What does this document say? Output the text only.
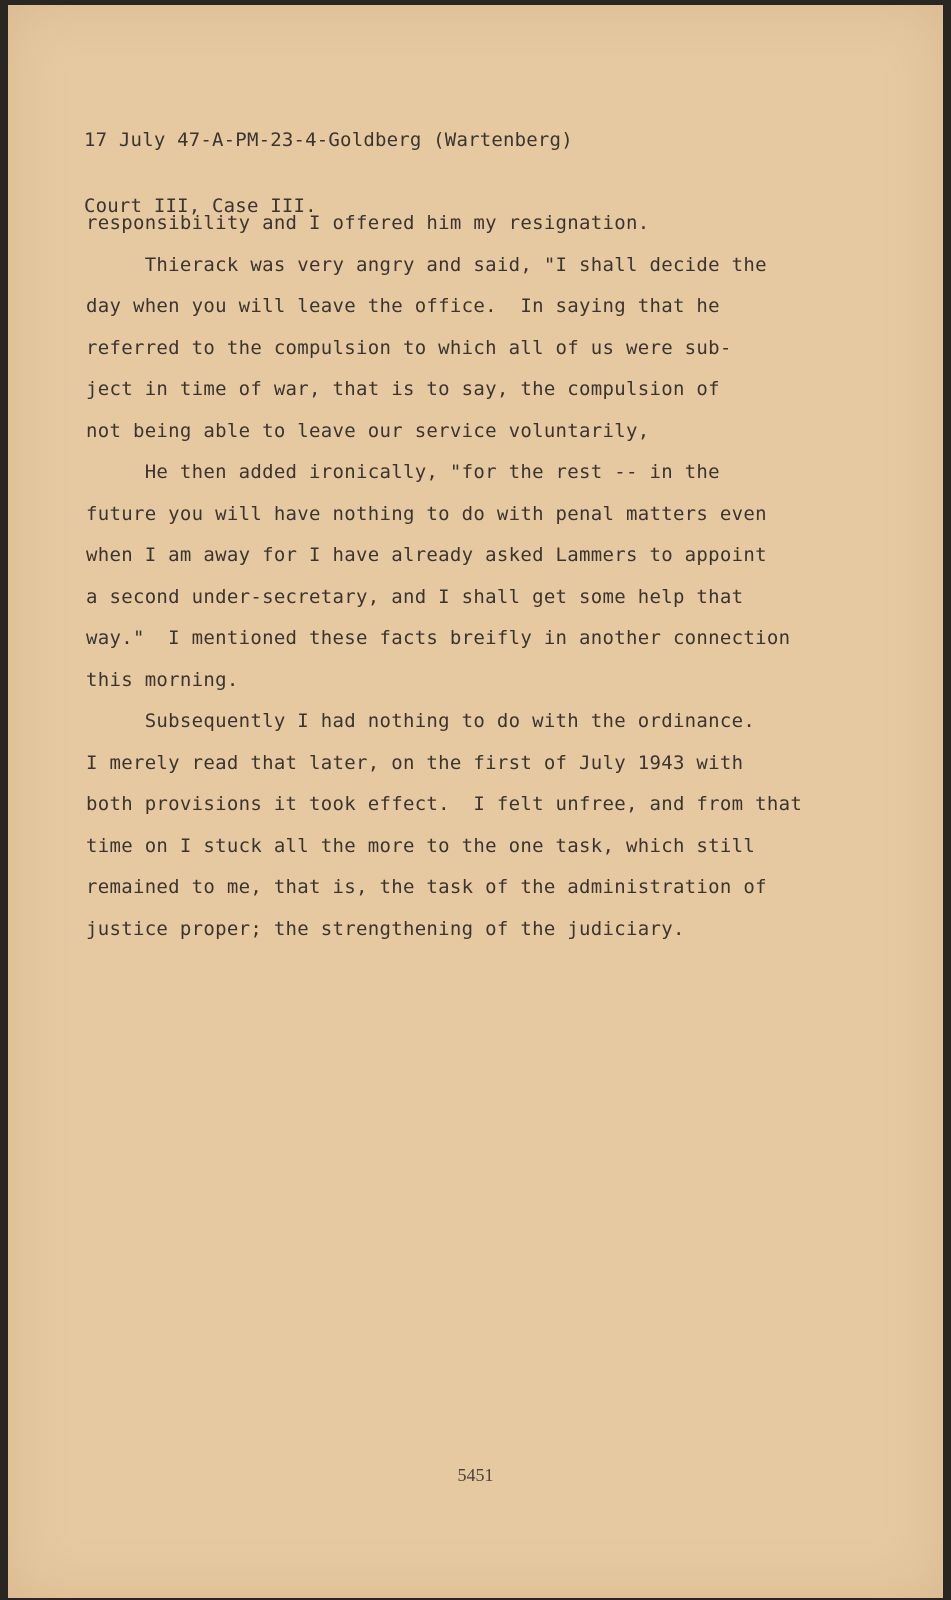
17 July 47-A-PM-23-4-Goldberg (Wartenberg)

Court III, Case III.

responsibility and I offered him my resignation.
Thierack was very angry and said, "I shall decide the
day when you will leave the office.  In saying that he
referred to the compulsion to which all of us were sub-
ject in time of war, that is to say, the compulsion of
not being able to leave our service voluntarily,
He then added ironically, "for the rest -- in the
future you will have nothing to do with penal matters even
when I am away for I have already asked Lammers to appoint
a second under-secretary, and I shall get some help that
way."  I mentioned these facts breifly in another connection
this morning.
Subsequently I had nothing to do with the ordinance.
I merely read that later, on the first of July 1943 with
both provisions it took effect.  I felt unfree, and from that
time on I stuck all the more to the one task, which still
remained to me, that is, the task of the administration of
justice proper; the strengthening of the judiciary.
5451
